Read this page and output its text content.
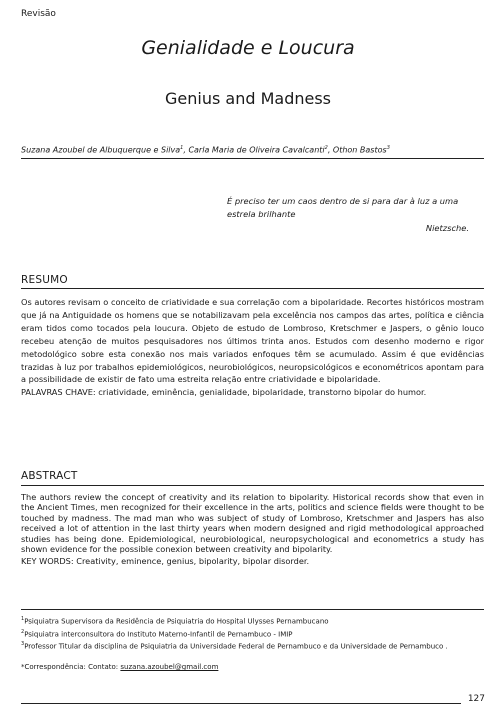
Revisão
Genialidade e Loucura
Genius and Madness
Suzana Azoubel de Albuquerque e Silva$^1$, Carla Maria de Oliveira Cavalcanti$^2$, Othon Bastos$^3$
É preciso ter um caos dentro de si para dar à luz a uma estrela brilhante
Nietzsche.
RESUMO
Os autores revisam o conceito de criatividade e sua correlação com a bipolaridade. Recortes históricos mostram que já na Antiguidade os homens que se notabilizavam pela excelência nos campos das artes, política e ciência eram tidos como tocados pela loucura. Objeto de estudo de Lombroso, Kretschmer e Jaspers, o gênio louco recebeu atenção de muitos pesquisadores nos últimos trinta anos. Estudos com desenho moderno e rigor metodológico sobre esta conexão nos mais variados enfoques têm se acumulado. Assim é que evidências trazidas à luz por trabalhos epidemiológicos, neurobiológicos, neuropsicológicos e econométricos apontam para a possibilidade de existir de fato uma estreita relação entre criatividade e bipolaridade.
PALAVRAS CHAVE: criatividade, eminência, genialidade, bipolaridade, transtorno bipolar do humor.
ABSTRACT
The authors review the concept of creativity and its relation to bipolarity. Historical records show that even in the Ancient Times, men recognized for their excellence in the arts, politics and science fields were thought to be touched by madness. The mad man who was subject of study of Lombroso, Kretschmer and Jaspers has also received a lot of attention in the last thirty years when modern designed and rigid methodological approached studies has being done. Epidemiological, neurobiological, neuropsychological and econometrics a study has shown evidence for the possible conexion between creativity and bipolarity.
KEY WORDS: Creativity, eminence, genius, bipolarity, bipolar disorder.
$^1$Psiquiatra Supervisora da Residência de Psiquiatria do Hospital Ulysses Pernambucano
$^2$Psiquiatra interconsultora do Instituto Materno-Infantil de Pernambuco - IMIP
$^3$Professor Titular da disciplina de Psiquiatria da Universidade Federal de Pernambuco e da Universidade de Pernambuco .
*Correspondência: Contato: suzana.azoubel@gmail.com
127
